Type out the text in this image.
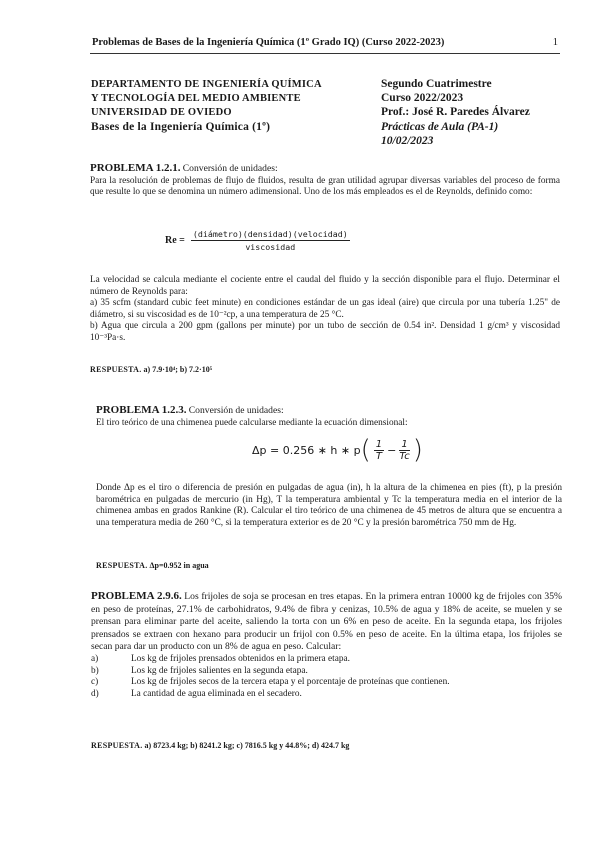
Problemas de Bases de la Ingeniería Química (1º Grado IQ) (Curso 2022-2023)	1
DEPARTAMENTO DE INGENIERÍA QUÍMICA
Y TECNOLOGÍA DEL MEDIO AMBIENTE
UNIVERSIDAD DE OVIEDO
Bases de la Ingeniería Química (1º)
Segundo Cuatrimestre
Curso 2022/2023
Prof.: José R. Paredes Álvarez
Prácticas de Aula (PA-1)
10/02/2023
PROBLEMA 1.2.1. Conversión de unidades:
Para la resolución de problemas de flujo de fluidos, resulta de gran utilidad agrupar diversas variables del proceso de forma que resulte lo que se denomina un número adimensional. Uno de los más empleados es el de Reynolds, definido como:
$Re = \frac{\text{(diámetro)(densidad)(velocidad)}}{\text{viscosidad}}$
La velocidad se calcula mediante el cociente entre el caudal del fluido y la sección disponible para el flujo. Determinar el número de Reynolds para:
a) 35 scfm (standard cubic feet minute) en condiciones estándar de un gas ideal (aire) que circula por una tubería 1.25" de diámetro, si su viscosidad es de 10⁻²cp, a una temperatura de 25 °C.
b) Agua que circula a 200 gpm (gallons per minute) por un tubo de sección de 0.54 in². Densidad 1 g/cm³ y viscosidad 10⁻³Pa·s.
RESPUESTA. a) 7.9·10⁴; b) 7.2·10⁵
PROBLEMA 1.2.3. Conversión de unidades:
El tiro teórico de una chimenea puede calcularse mediante la ecuación dimensional:
Δp = 0.256 ∗ h ∗ p ( $\frac{1}{T} - \frac{1}{Tc}$ )
Donde Δp es el tiro o diferencia de presión en pulgadas de agua (in), h la altura de la chimenea en pies (ft), p la presión barométrica en pulgadas de mercurio (in Hg), T la temperatura ambiental y Tc la temperatura media en el interior de la chimenea ambas en grados Rankine (R). Calcular el tiro teórico de una chimenea de 45 metros de altura que se encuentra a una temperatura media de 260 °C, si la temperatura exterior es de 20 °C y la presión barométrica 750 mm de Hg.
RESPUESTA. Δp=0.952 in agua
PROBLEMA 2.9.6. Los frijoles de soja se procesan en tres etapas. En la primera entran 10000 kg de frijoles con 35% en peso de proteínas, 27.1% de carbohidratos, 9.4% de fibra y cenizas, 10.5% de agua y 18% de aceite, se muelen y se prensan para eliminar parte del aceite, saliendo la torta con un 6% en peso de aceite. En la segunda etapa, los frijoles prensados se extraen con hexano para producir un frijol con 0.5% en peso de aceite. En la última etapa, los frijoles se secan para dar un producto con un 8% de agua en peso. Calcular:
a)	Los kg de frijoles prensados obtenidos en la primera etapa.
b)	Los kg de frijoles salientes en la segunda etapa.
c)	Los kg de frijoles secos de la tercera etapa y el porcentaje de proteínas que contienen.
d)	La cantidad de agua eliminada en el secadero.
RESPUESTA. a) 8723.4 kg; b) 8241.2 kg; c) 7816.5 kg y 44.8%; d) 424.7 kg
